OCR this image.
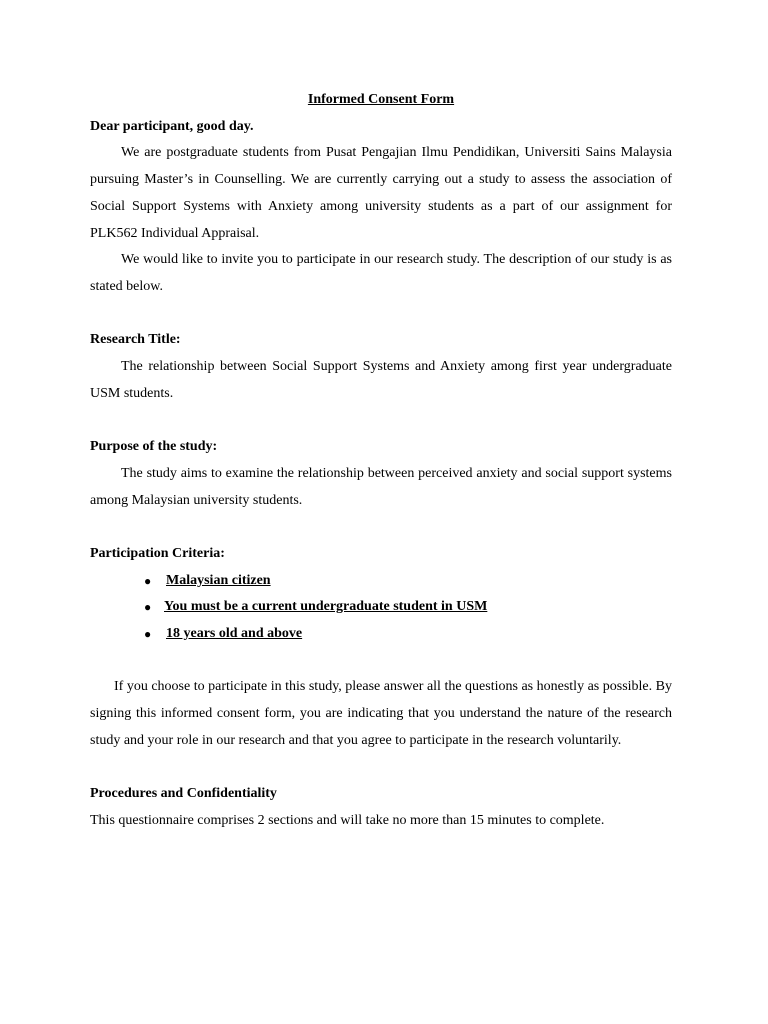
Informed Consent Form

Dear participant, good day.

We are postgraduate students from Pusat Pengajian Ilmu Pendidikan, Universiti Sains Malaysia pursuing Master’s in Counselling. We are currently carrying out a study to assess the association of Social Support Systems with Anxiety among university students as a part of our assignment for PLK562 Individual Appraisal.

We would like to invite you to participate in our research study. The description of our study is as stated below.

Research Title:

The relationship between Social Support Systems and Anxiety among first year undergraduate USM students.

Purpose of the study:

The study aims to examine the relationship between perceived anxiety and social support systems among Malaysian university students.

Participation Criteria:

● Malaysian citizen
● You must be a current undergraduate student in USM
● 18 years old and above

If you choose to participate in this study, please answer all the questions as honestly as possible. By signing this informed consent form, you are indicating that you understand the nature of the research study and your role in our research and that you agree to participate in the research voluntarily.

Procedures and Confidentiality

This questionnaire comprises 2 sections and will take no more than 15 minutes to complete.
